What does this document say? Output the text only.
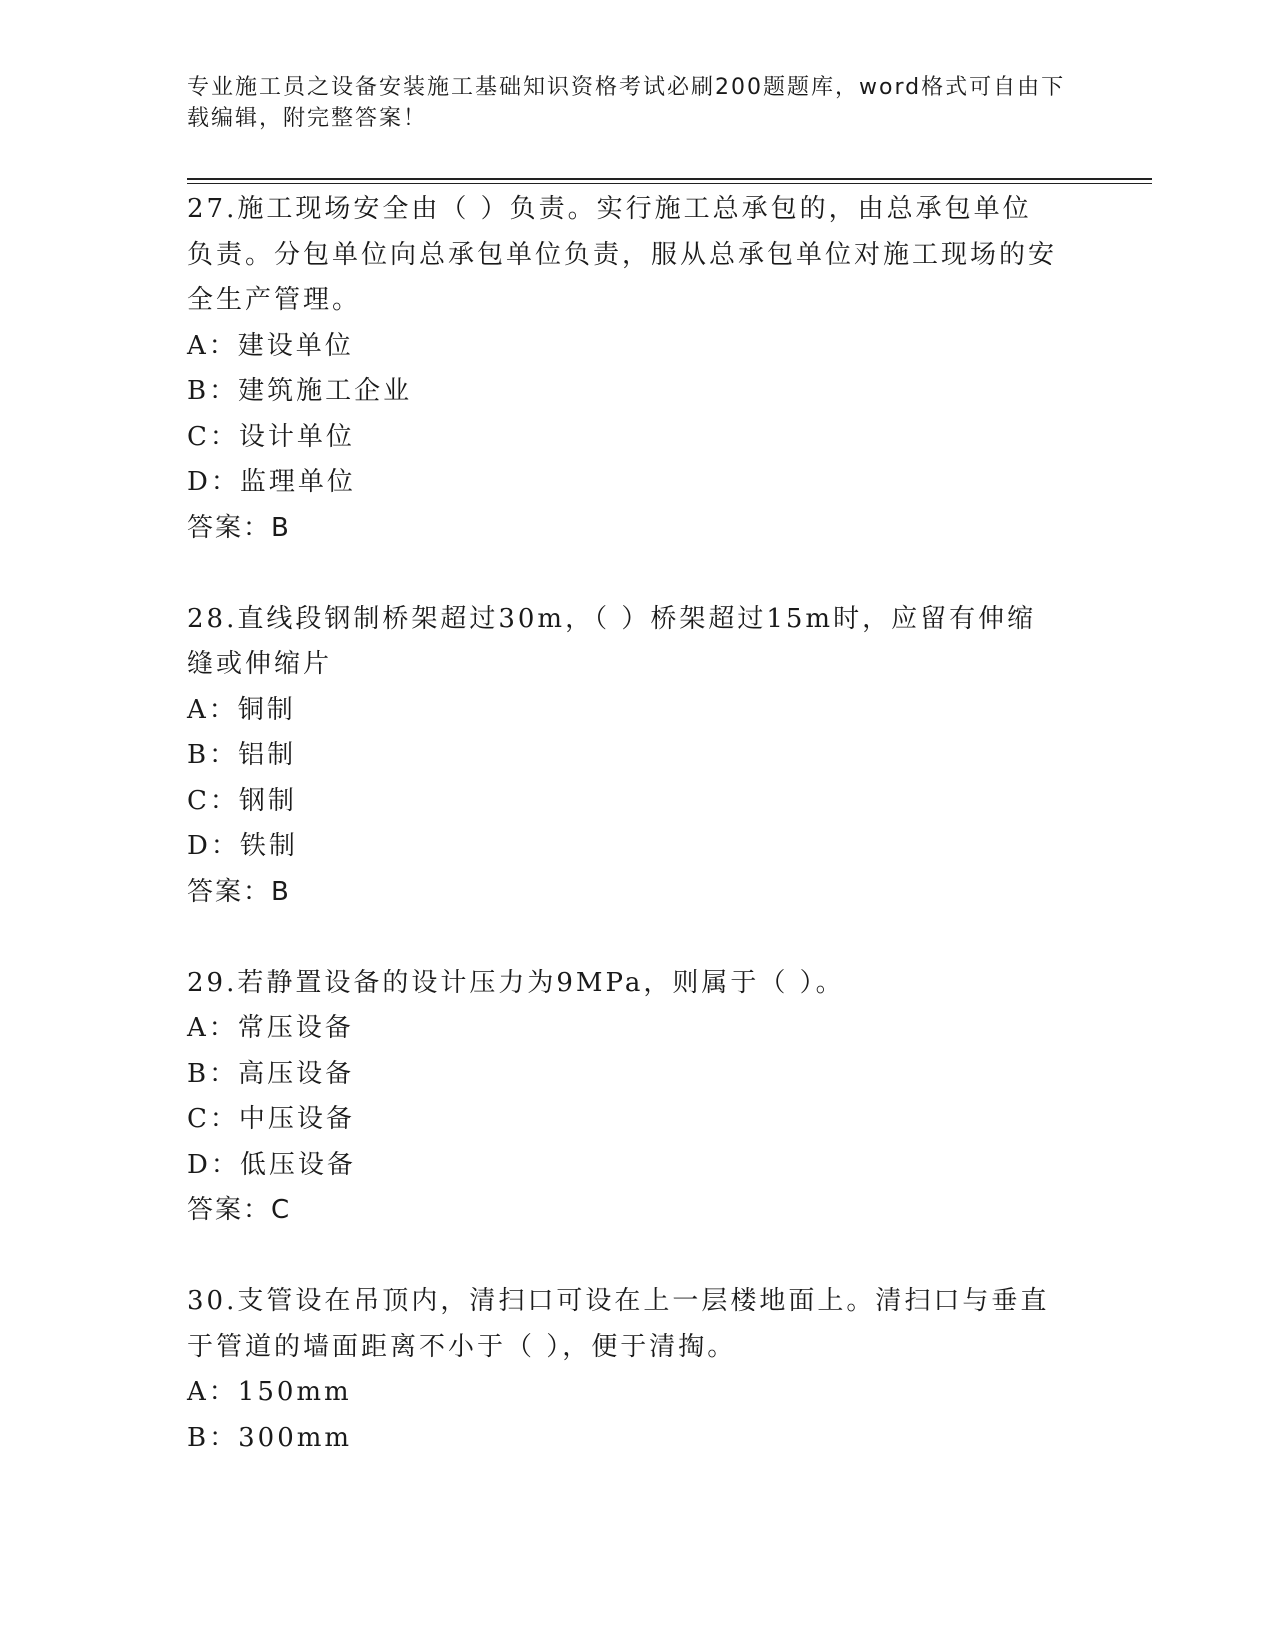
专业施工员之设备安装施工基础知识资格考试必刷200题题库，word格式可自由下载编辑，附完整答案！

27.施工现场安全由（ ）负责。实行施工总承包的，由总承包单位负责。分包单位向总承包单位负责，服从总承包单位对施工现场的安全生产管理。

A：建设单位

B：建筑施工企业

C：设计单位

D：监理单位

答案：B

28.直线段钢制桥架超过30m，（ ）桥架超过15m时，应留有伸缩缝或伸缩片

A：铜制

B：铝制

C：钢制

D：铁制

答案：B

29.若静置设备的设计压力为9MPa，则属于（ ）。

A：常压设备

B：高压设备

C：中压设备

D：低压设备

答案：C

30.支管设在吊顶内，清扫口可设在上一层楼地面上。清扫口与垂直于管道的墙面距离不小于（ ），便于清掏。

A：150mm

B：300mm
